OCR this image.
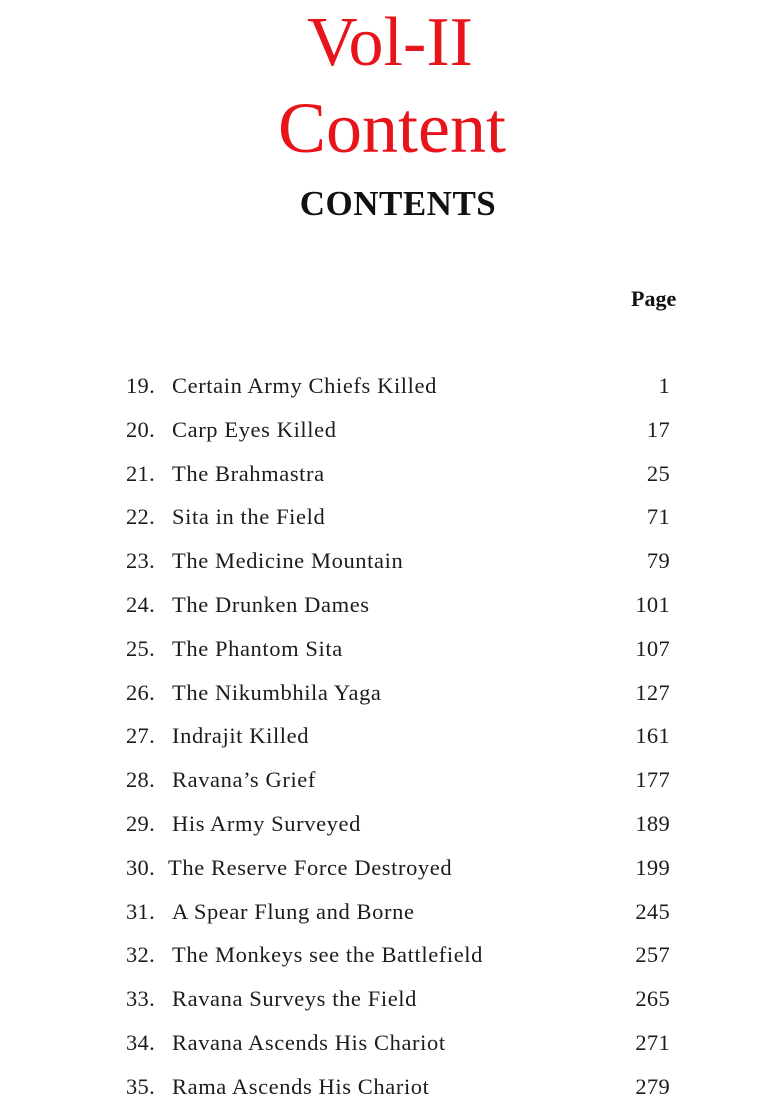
Vol-II
Content
CONTENTS
Page
19. Certain Army Chiefs Killed	1
20. Carp Eyes Killed	17
21. The Brahmastra	25
22. Sita in the Field	71
23. The Medicine Mountain	79
24. The Drunken Dames	101
25. The Phantom Sita	107
26. The Nikumbhila Yaga	127
27. Indrajit Killed	161
28. Ravana’s Grief	177
29. His Army Surveyed	189
30. The Reserve Force Destroyed	199
31. A Spear Flung and Borne	245
32. The Monkeys see the Battlefield	257
33. Ravana Surveys the Field	265
34. Ravana Ascends His Chariot	271
35. Rama Ascends His Chariot	279
